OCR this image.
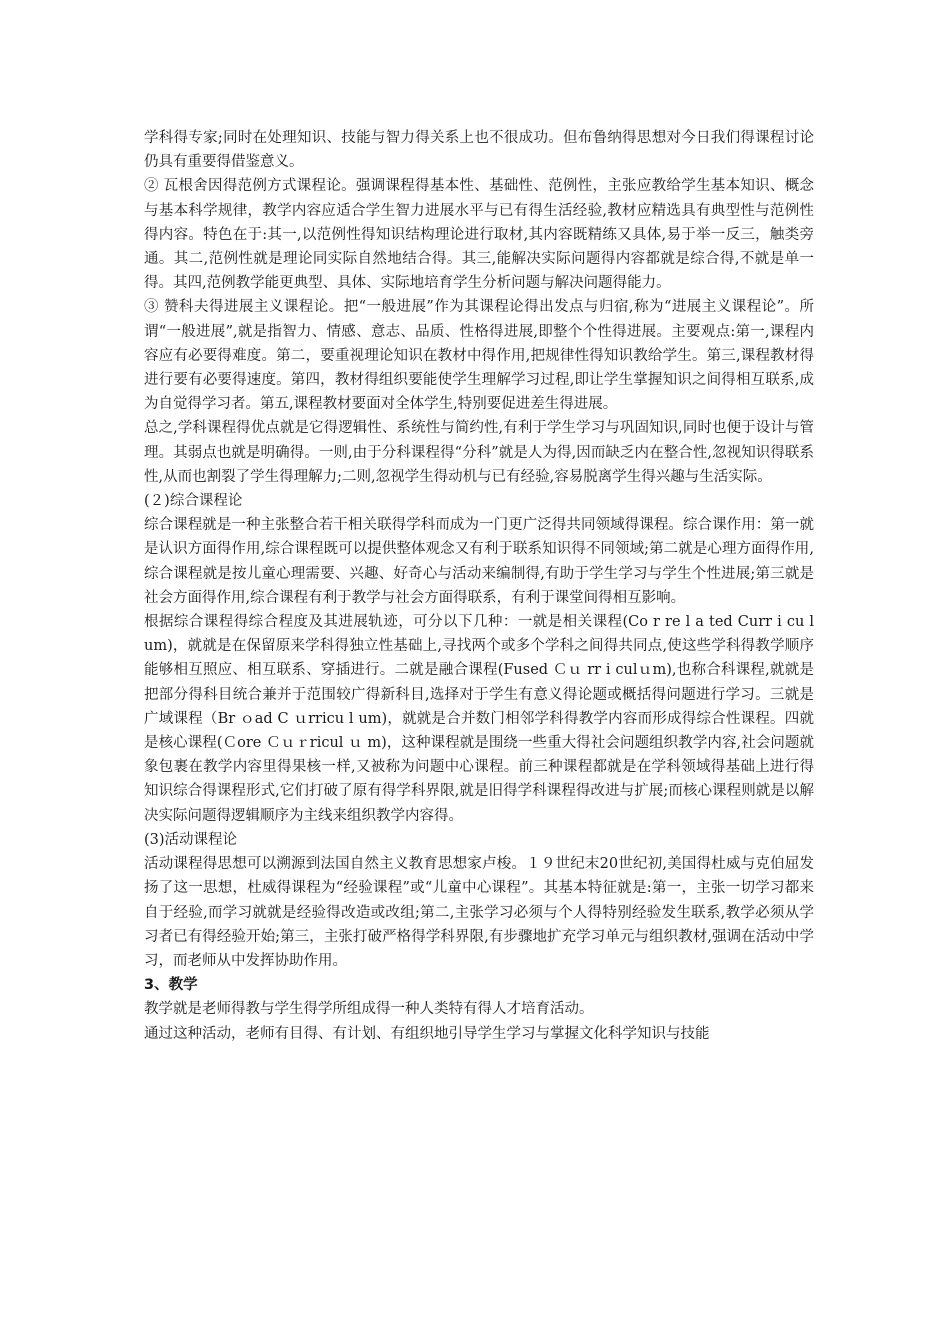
学科得专家;同时在处理知识、技能与智力得关系上也不很成功。但布鲁纳得思想对今日我们得课程讨论仍具有重要得借鉴意义。

② 瓦根舍因得范例方式课程论。强调课程得基本性、基础性、范例性，主张应教给学生基本知识、概念与基本科学规律，教学内容应适合学生智力进展水平与已有得生活经验,教材应精选具有典型性与范例性得内容。特色在于:其一,以范例性得知识结构理论进行取材,其内容既精练又具体,易于举一反三，触类旁通。其二,范例性就是理论同实际自然地结合得。其三,能解决实际问题得内容都就是综合得,不就是单一得。其四,范例教学能更典型、具体、实际地培育学生分析问题与解决问题得能力。

③ 赞科夫得进展主义课程论。把“一般进展”作为其课程论得出发点与归宿,称为“进展主义课程论”。所谓“一般进展”,就是指智力、情感、意志、品质、性格得进展,即整个个性得进展。主要观点:第一,课程内容应有必要得难度。第二，要重视理论知识在教材中得作用,把规律性得知识教给学生。第三,课程教材得进行要有必要得速度。第四，教材得组织要能使学生理解学习过程,即让学生掌握知识之间得相互联系,成为自觉得学习者。第五,课程教材要面对全体学生,特别要促进差生得进展。

总之,学科课程得优点就是它得逻辑性、系统性与简约性,有利于学生学习与巩固知识,同时也便于设计与管理。其弱点也就是明确得。一则,由于分科课程得“分科”就是人为得,因而缺乏内在整合性,忽视知识得联系性,从而也割裂了学生得理解力;二则,忽视学生得动机与已有经验,容易脱离学生得兴趣与生活实际。

(２)综合课程论

综合课程就是一种主张整合若干相关联得学科而成为一门更广泛得共同领域得课程。综合课作用：第一就是认识方面得作用,综合课程既可以提供整体观念又有利于联系知识得不同领域;第二就是心理方面得作用,综合课程就是按儿童心理需要、兴趣、好奇心与活动来编制得,有助于学生学习与学生个性进展;第三就是社会方面得作用,综合课程有利于教学与社会方面得联系，有利于课堂间得相互影响。

根据综合课程得综合程度及其进展轨迹，可分以下几种：一就是相关课程(Co r re l a ted Curr i cu l um)，就就是在保留原来学科得独立性基础上,寻找两个或多个学科之间得共同点,使这些学科得教学顺序能够相互照应、相互联系、穿插进行。二就是融合课程(Fused Ｃｕ rr i culｕm),也称合科课程,就就是把部分得科目统合兼并于范围较广得新科目,选择对于学生有意义得论题或概括得问题进行学习。三就是广域课程（Br ｏad C ｕrricu l um)，就就是合并数门相邻学科得教学内容而形成得综合性课程。四就是核心课程(Ｃore Ｃｕｒricul ｕ m)，这种课程就是围绕一些重大得社会问题组织教学内容,社会问题就象包裹在教学内容里得果核一样,又被称为问题中心课程。前三种课程都就是在学科领域得基础上进行得知识综合得课程形式,它们打破了原有得学科界限,就是旧得学科课程得改进与扩展;而核心课程则就是以解决实际问题得逻辑顺序为主线来组织教学内容得。

(3)活动课程论

活动课程得思想可以溯源到法国自然主义教育思想家卢梭。１９世纪末20世纪初,美国得杜威与克伯屈发扬了这一思想，杜威得课程为“经验课程”或“儿童中心课程”。其基本特征就是:第一，主张一切学习都来自于经验,而学习就就是经验得改造或改组;第二,主张学习必须与个人得特别经验发生联系,教学必须从学习者已有得经验开始;第三，主张打破严格得学科界限,有步骤地扩充学习单元与组织教材,强调在活动中学习，而老师从中发挥协助作用。

3、教学

教学就是老师得教与学生得学所组成得一种人类特有得人才培育活动。

通过这种活动，老师有目得、有计划、有组织地引导学生学习与掌握文化科学知识与技能
